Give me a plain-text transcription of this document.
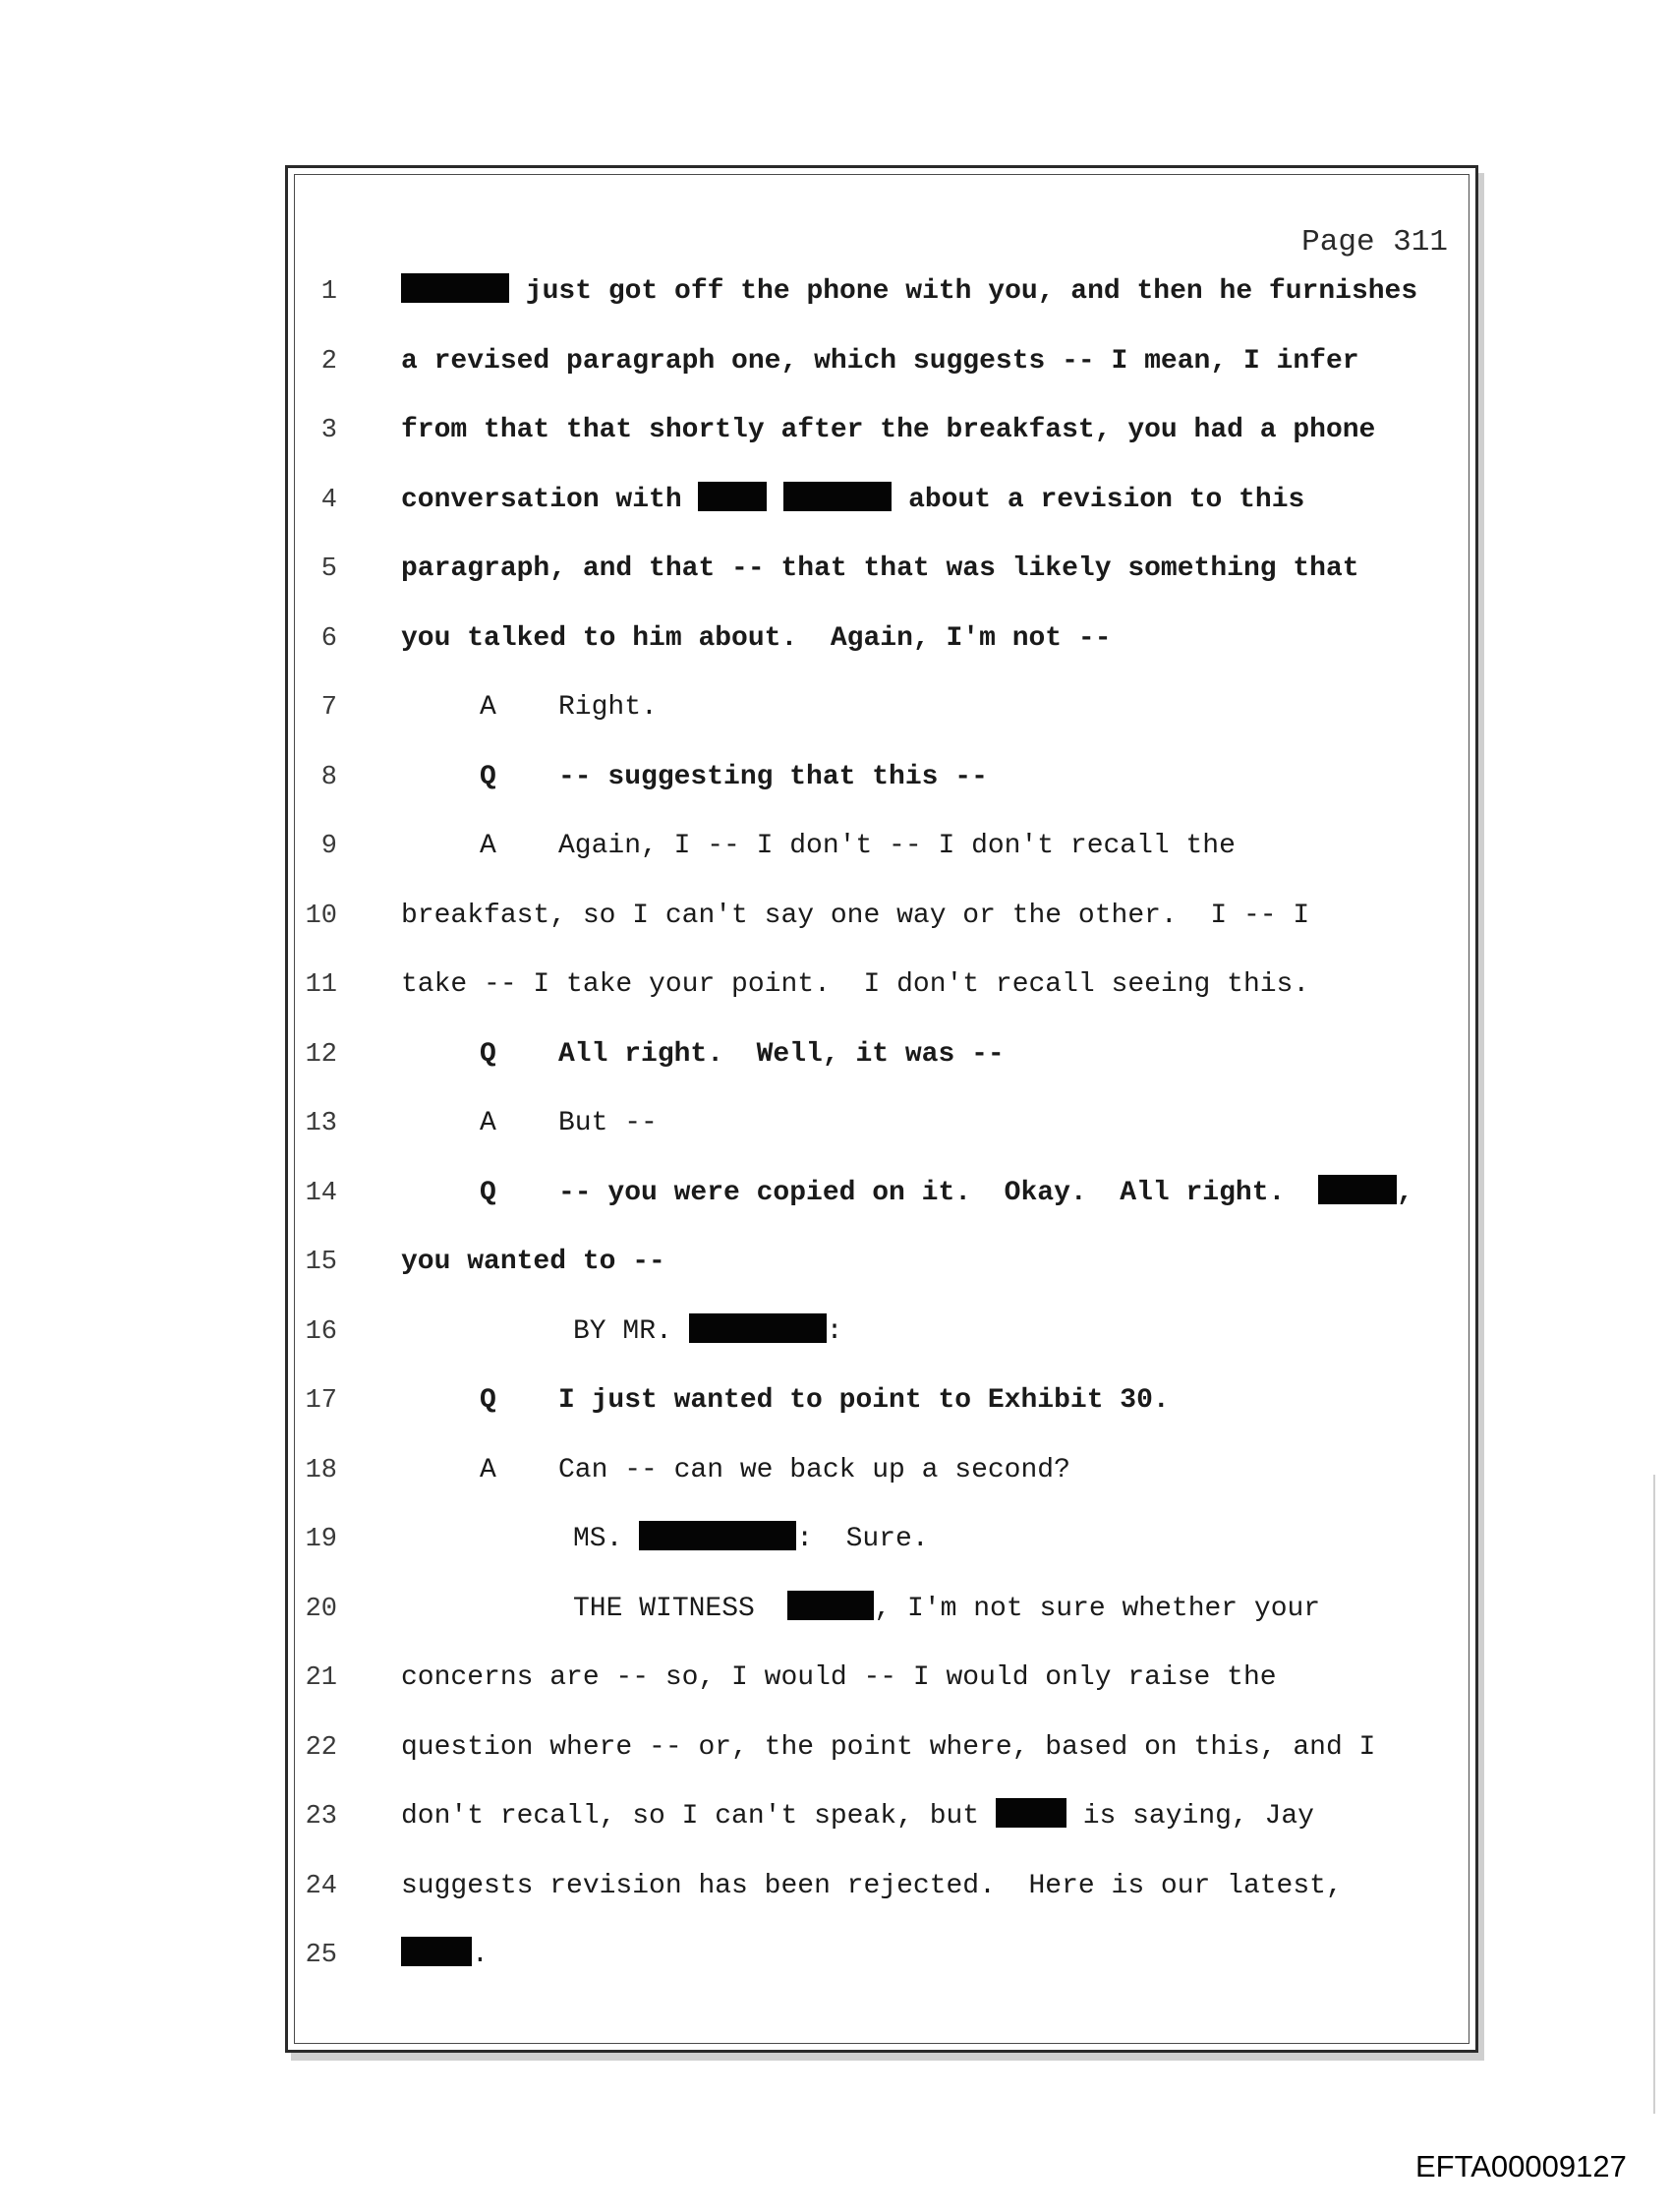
Page 311
1	just got off the phone with you, and then he furnishes
2 a revised paragraph one, which suggests -- I mean, I infer
3 from that that shortly after the breakfast, you had a phone
4 conversation with	about a revision to this
5 paragraph, and that -- that that was likely something that
6 you talked to him about.  Again, I'm not --
7	A Right.
8	Q -- suggesting that this --
9	A Again, I -- I don't -- I don't recall the
10 breakfast, so I can't say one way or the other.  I -- I
11 take -- I take your point.  I don't recall seeing this.
12	Q All right.  Well, it was --
13	A But --
14	Q -- you were copied on it.  Okay.  All right.	,
15 you wanted to --
16	BY MR.	:
17	Q I just wanted to point to Exhibit 30.
18	A Can -- can we back up a second?
19	MS.	:  Sure.
20	THE WITNESS	, I'm not sure whether your
21 concerns are -- so, I would -- I would only raise the
22 question where -- or, the point where, based on this, and I
23 don't recall, so I can't speak, but	is saying, Jay
24 suggests revision has been rejected.  Here is our latest,
25	.
EFTA00009127
